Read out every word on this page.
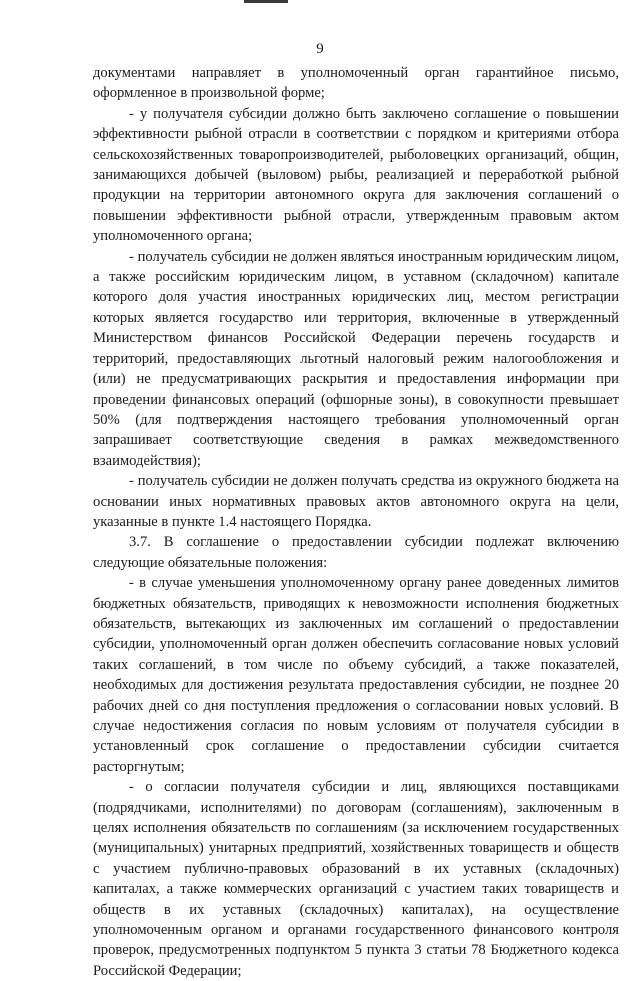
9

документами направляет в уполномоченный орган гарантийное письмо, оформленное в произвольной форме;

- у получателя субсидии должно быть заключено соглашение о повышении эффективности рыбной отрасли в соответствии с порядком и критериями отбора сельскохозяйственных товаропроизводителей, рыболовецких организаций, общин, занимающихся добычей (выловом) рыбы, реализацией и переработкой рыбной продукции на территории автономного округа для заключения соглашений о повышении эффективности рыбной отрасли, утвержденным правовым актом уполномоченного органа;

- получатель субсидии не должен являться иностранным юридическим лицом, а также российским юридическим лицом, в уставном (складочном) капитале которого доля участия иностранных юридических лиц, местом регистрации которых является государство или территория, включенные в утвержденный Министерством финансов Российской Федерации перечень государств и территорий, предоставляющих льготный налоговый режим налогообложения и (или) не предусматривающих раскрытия и предоставления информации при проведении финансовых операций (офшорные зоны), в совокупности превышает 50% (для подтверждения настоящего требования уполномоченный орган запрашивает соответствующие сведения в рамках межведомственного взаимодействия);

- получатель субсидии не должен получать средства из окружного бюджета на основании иных нормативных правовых актов автономного округа на цели, указанные в пункте 1.4 настоящего Порядка.

3.7. В соглашение о предоставлении субсидии подлежат включению следующие обязательные положения:

- в случае уменьшения уполномоченному органу ранее доведенных лимитов бюджетных обязательств, приводящих к невозможности исполнения бюджетных обязательств, вытекающих из заключенных им соглашений о предоставлении субсидии, уполномоченный орган должен обеспечить согласование новых условий таких соглашений, в том числе по объему субсидий, а также показателей, необходимых для достижения результата предоставления субсидии, не позднее 20 рабочих дней со дня поступления предложения о согласовании новых условий. В случае недостижения согласия по новым условиям от получателя субсидии в установленный срок соглашение о предоставлении субсидии считается расторгнутым;

- о согласии получателя субсидии и лиц, являющихся поставщиками (подрядчиками, исполнителями) по договорам (соглашениям), заключенным в целях исполнения обязательств по соглашениям (за исключением государственных (муниципальных) унитарных предприятий, хозяйственных товариществ и обществ с участием публично-правовых образований в их уставных (складочных) капиталах, а также коммерческих организаций с участием таких товариществ и обществ в их уставных (складочных) капиталах), на осуществление уполномоченным органом и органами государственного финансового контроля проверок, предусмотренных подпунктом 5 пункта 3 статьи 78 Бюджетного кодекса Российской Федерации;
